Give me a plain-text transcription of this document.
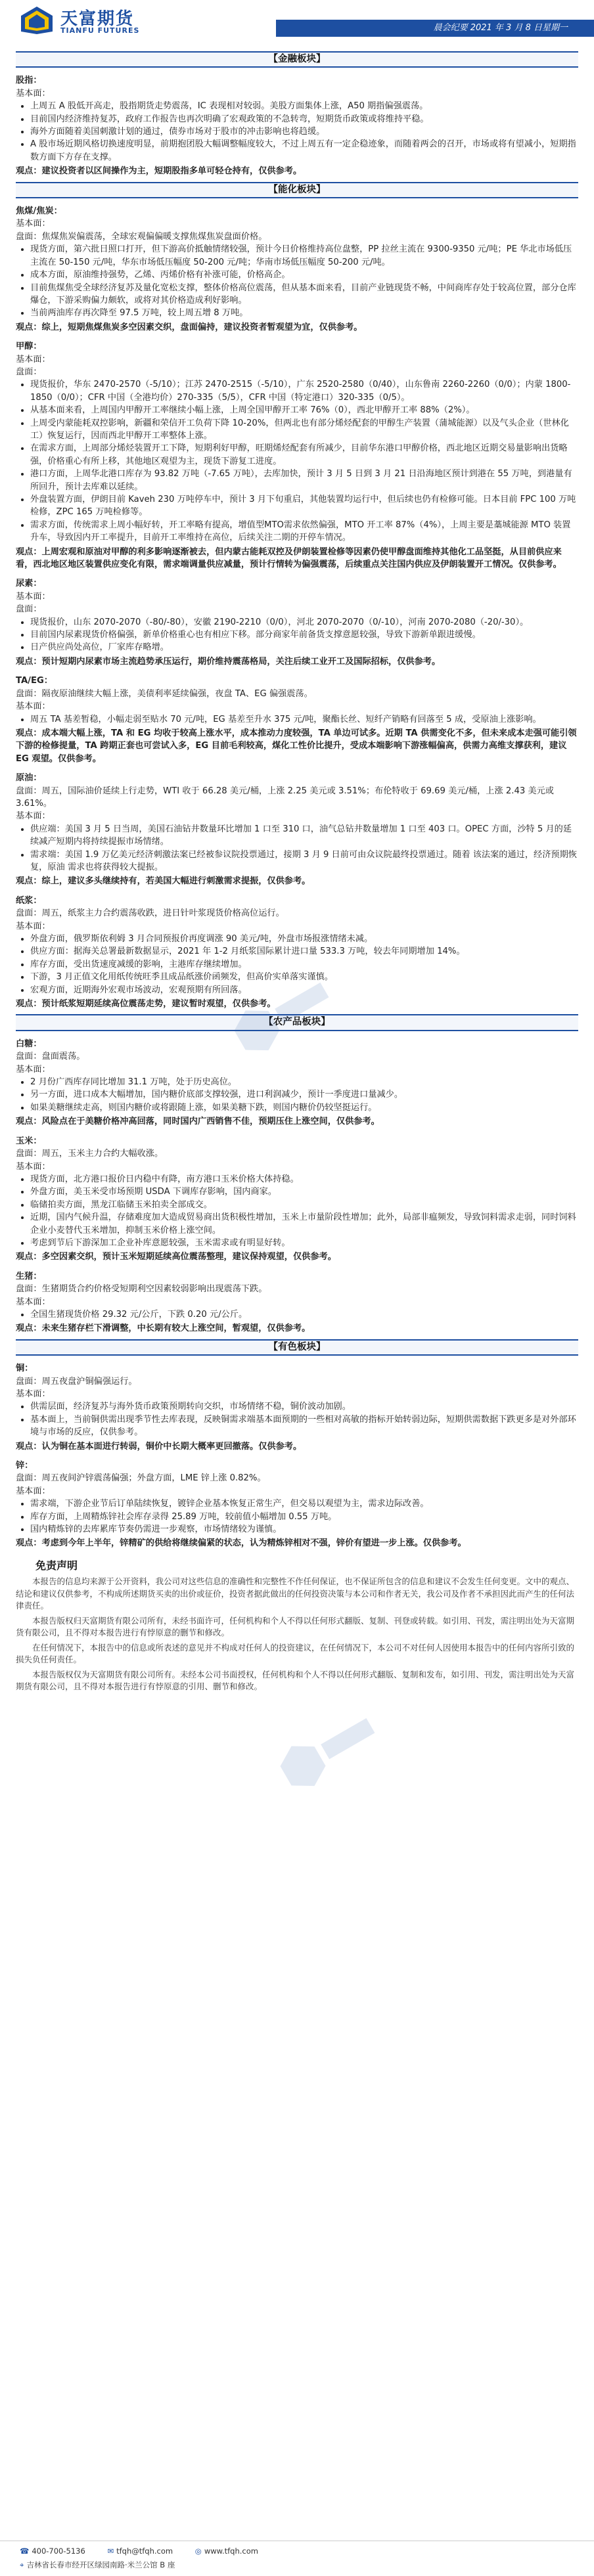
天富期货
TIANFU FUTURES	晨会纪要 2021 年 3 月 8 日星期一
【金融板块】
股指：
基本面：
• 上周五 A 股低开高走，股指期货走势震荡，IC 表现相对较弱。美股方面集体上涨，A50 期指偏强震荡。
• 目前国内经济维持复苏，政府工作报告也再次明确了宏观政策的不急转弯，短期货币政策或将维持平稳。
• 海外方面随着美国刺激计划的通过，债券市场对于股市的冲击影响也将趋缓。
• A 股市场近期风格切换速度明显，前期抱团股大幅调整幅度较大，不过上周五有一定企稳迹象，而随着两会的召开，市场或将有望减小，短期指数方面下方存在支撑。
观点：建议投资者以区间操作为主，短期股指多单可轻仓持有，仅供参考。
【能化板块】
焦煤/焦炭：
基本面：
盘面：焦煤焦炭偏震荡，全球宏观偏偏暖支撑焦煤焦炭盘面价格。
• 现货方面，第六批日照口打开，但下游高价抵触情绪较强，预计今日价格维持高位盘整，PP 拉丝主流在 9300-9350 元/吨；PE 华北市场低压主流在 50-150 元/吨，华东市场低压幅度 50-200 元/吨；华南市场低压幅度 50-200 元/吨。
• 成本方面，原油维持强势，乙烯、丙烯价格有补涨可能，价格高企。
• 目前焦煤焦受全球经济复苏及量化宽松支撑，整体价格高位震荡，但从基本面来看，目前产业链现货不畅，中间商库存处于较高位置，部分仓库爆仓，下游采购偏力颇软，或将对其价格造成利好影响。
• 当前两油库存再次降至 97.5 万吨，较上周五增 8 万吨。
观点：综上，短期焦煤焦炭多空因素交织，盘面偏持，建议投资者暂观望为宜，仅供参考。
甲醇：
基本面：
盘面：
• 现货报价，华东 2470-2570（-5/10）；江苏 2470-2515（-5/10），广东 2520-2580（0/40），山东鲁南 2260-2260（0/0）；内蒙 1800-1850（0/0）；CFR 中国（全港均价）270-335（5/5），CFR 中国（特定港口）320-335（0/5）。
• 从基本面来看，上周国内甲醇开工率继续小幅上涨，上周全国甲醇开工率 76%（0），西北甲醇开工率 88%（2%）。
• 上周受内蒙能耗双控影响，新疆和荣信开工负荷下降 10-20%，但两北也有部分烯烃配套的甲醇生产装置（蒲城能源）以及气头企业（世林化工）恢复运行，因而西北甲醇开工率整体上涨。
• 在需求方面，上周部分烯烃装置开工下降，短期利好甲醇，旺期烯烃配套有所减少，目前华东港口甲醇价格，西北地区近期交易量影响出货略强，价格重心有所上移，其他地区观望为主，现货下游复工进度。
• 港口方面，上周华北港口库存为 93.82 万吨（-7.65 万吨），去库加快，预计 3 月 5 日到 3 月 21 日沿海地区预计到港在 55 万吨，到港量有所回升，预计去库难以延续。
• 外盘装置方面，伊朗目前 Kaveh 230 万吨停车中，预计 3 月下旬重启，其他装置均运行中，但后续也仍有检修可能。日本目前 FPC 100 万吨检修，ZPC 165 万吨检修等。
• 需求方面，传统需求上周小幅好转，开工率略有提高，增值型MTO需求依然偏强，MTO 开工率 87%（4%），上周主要是藁城能源 MTO 装置升车，导致因内开工率提升，目前开工率维持在高位，后续关注二期的开停车情况。
观点：上周宏观和原油对甲醇的利多影响逐渐被去，但内蒙古能耗双控及伊朗装置检修等因素仍使甲醇盘面维持其他化工品坚挺，从目前供应来看，西北地区地区装置供应变化有限，需求端调量供应减量，预计行情转为偏强震荡，后续重点关注国内供应及伊朗装置开工情况。仅供参考。
尿素：
基本面：
盘面：
• 现货报价，山东 2070-2070（-80/-80），安徽 2190-2210（0/0），河北 2070-2070（0/-10），河南 2070-2080（-20/-30）。
• 目前国内尿素现货价格偏强，新单价格重心也有相应下移。部分商家年前备货支撑意愿较强，导致下游新单跟进缓慢。
• 日产供应尚处高位，厂家库存略增。
观点：预计短期内尿素市场主流趋势承压运行，期价维持震荡格局，关注后续工业开工及国际招标，仅供参考。
TA/EG：
盘面：隔夜原油继续大幅上涨，美债利率延续偏强，夜盘 TA、EG 偏强震荡。
基本面：
• 周五 TA 基差暂稳，小幅走弱至贴水 70 元/吨，EG 基差至升水 375 元/吨，聚酯长丝、短纤产销略有回落至 5 成，受原油上涨影响。
观点：成本端大幅上涨，TA 和 EG 均收于较高上涨水平，成本推动力度较强，TA 单边可试多。近期 TA 供需变化不多，但未来成本走强可能引领下游的检修提量，TA 跨期正套也可尝试入多，EG 目前毛利较高，煤化工性价比提升，受成本端影响下游涨幅偏高，供需力高维支撑获利，建议 EG 观望。仅供参考。
原油：
盘面：周五，国际油价延续上行走势，WTI 收于 66.28 美元/桶，上涨 2.25 美元或 3.51%；布伦特收于 69.69 美元/桶，上涨 2.43 美元或 3.61%。
基本面：
• 供应端：美国 3 月 5 日当周，美国石油钻井数量环比增加 1 口至 310 口，油气总钻井数量增加 1 口至 403 口。OPEC 方面，沙特 5 月的延续减产短期内将持续提振市场情绪。
• 需求端：美国 1.9 万亿美元经济刺激法案已经被参议院投票通过，接期 3 月 9 日前可由众议院最终投票通过。随着 该法案的通过，经济预期恢复，原油 需求也将获得较大提振。
观点：综上，建议多头继续持有，若美国大幅进行刺激需求提振，仅供参考。
纸浆：
盘面：周五，纸浆主力合约震荡收跌，进日针叶浆现货价格高位运行。
基本面：
• 外盘方面，俄罗斯依利姆 3 月合同预报价再度调涨 90 美元/吨，外盘市场报涨情绪未减。
• 供应方面：据海关总署最新数据显示，2021 年 1-2 月纸浆国际累计进口量 533.3 万吨，较去年同期增加 14%。
• 库存方面，受出货速度减缓的影响，主港库存继续增加。
• 下游，3 月正值文化用纸传统旺季且成品纸涨价函频发，但高价实单落实谨慎。
• 宏观方面，近期海外宏观市场波动，宏观预期有所回落。
观点：预计纸浆短期延续高位震荡走势，建议暂时观望，仅供参考。
【农产品板块】
白糖：
盘面：盘面震荡。
基本面：
• 2 月份广西库存同比增加 31.1 万吨，处于历史高位。
• 另一方面，进口成本大幅增加，国内糖价底部支撑较强，进口利润减少，预计一季度进口量减少。
• 如果美糖继续走高，则国内糖价或将跟随上涨，如果美糖下跌，则国内糖价仍较坚挺运行。
观点：风险点在于美糖价格冲高回落，同时国内广西销售不佳，预期压住上涨空间，仅供参考。
玉米：
盘面：周五，玉米主力合约大幅收涨。
基本面：
• 现货方面，北方港口报价日内稳中有降，南方港口玉米价格大体持稳。
• 外盘方面，美玉米受市场预期 USDA 下调库存影响，国内商家。
• 临储拍卖方面，黑龙江临储玉米拍卖全部成交。
• 近期，国内气候升温，存储难度加大造成贸易商出货积极性增加，玉米上市量阶段性增加；此外，局部非瘟频发，导致饲料需求走弱，同时饲料企业小麦替代玉米增加，抑制玉米价格上涨空间。
• 考虑到节后下游深加工企业补库意愿较强，玉米需求或有明显好转。
观点：多空因素交织，预计玉米短期延续高位震荡整理，建议保持观望，仅供参考。
生猪：
盘面：生猪期货合约价格受短期利空因素较弱影响出现震荡下跌。
基本面：
• 全国生猪现货价格 29.32 元/公斤，下跌 0.20 元/公斤。
观点：未来生猪存栏下滑调整，中长期有较大上涨空间，暂观望，仅供参考。
【有色板块】
铜：
盘面：周五夜盘沪铜偏强运行。
基本面：
• 供需层面，经济复苏与海外货币政策预期转向交织，市场情绪不稳，铜价波动加剧。
• 基本面上，当前铜供需出现季节性去库表现，反映铜需求端基本面预期的一些相对高敏的指标开始转弱边际，短期供需数据下跌更多是对外部环境与市场的反应，仅供参考。
观点：认为铜在基本面进行转弱，铜价中长期大概率更回撤落。仅供参考。
锌：
盘面：周五夜间沪锌震荡偏强；外盘方面，LME 锌上涨 0.82%。
基本面：
• 需求端，下游企业节后订单陆续恢复，镀锌企业基本恢复正常生产，但交易以观望为主，需求边际改善。
• 库存方面，上周精炼锌社会库存录得 25.89 万吨，较前值小幅增加 0.55 万吨。
• 国内精炼锌的去库累库节奏仍需进一步观察，市场情绪较为谨慎。
观点：考虑到今年上半年，锌精矿的供给将继续偏紧的状态，认为精炼锌相对不强，锌价有望进一步上涨。仅供参考。
免责声明

本报告的信息均来源于公开资料，我公司对这些信息的准确性和完整性不作任何保证，也不保证所包含的信息和建议不会发生任何变更。文中的观点、结论和建议仅供参考，不构成所述期货买卖的出价或征价，投资者据此做出的任何投资决策与本公司和作者无关，我公司及作者不承担因此而产生的任何法律责任。

本报告版权归天富期货有限公司所有，未经书面许可，任何机构和个人不得以任何形式翻版、复制、刊登或转载。如引用、刊发，需注明出处为天富期货有限公司，且不得对本报告进行有悖原意的删节和修改。

在任何情况下，本报告中的信息或所表述的意见并不构成对任何人的投资建议，在任何情况下，本公司不对任何人因使用本报告中的任何内容所引致的损失负任何责任。

本报告版权仅为天富期货有限公司所有。未经本公司书面授权，任何机构和个人不得以任何形式翻版、复制和发布，如引用、刊发，需注明出处为天富期货有限公司，且不得对本报告进行有悖原意的引用、删节和修改。

☎ 400-700-5136	✉ tfqh@tfqh.com	◎ www.tfqh.com
⌖ 吉林省长春市经开区绿园南路·米兰公馆 B 座
